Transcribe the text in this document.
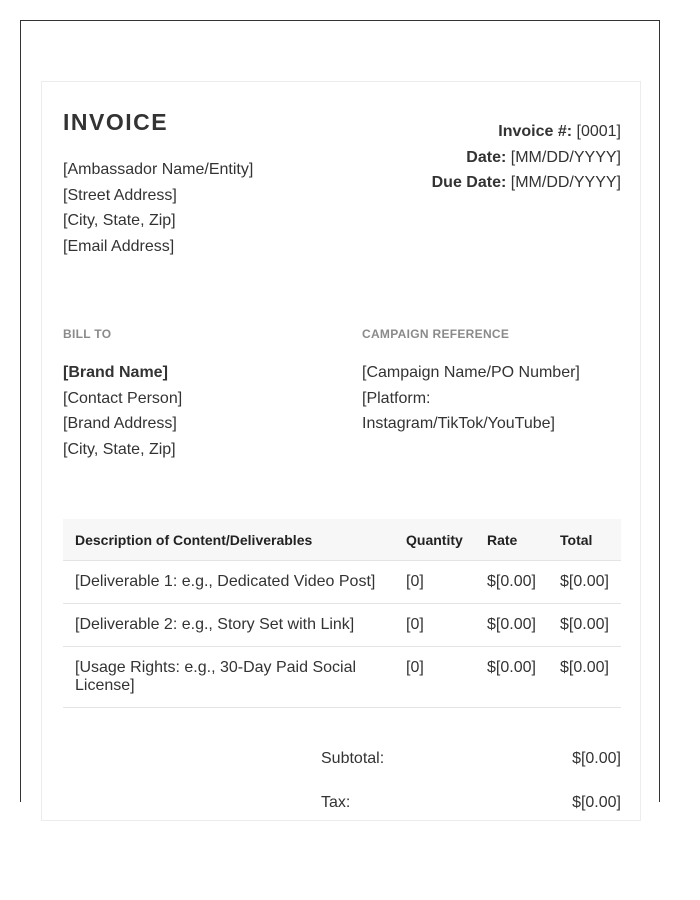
INVOICE
[Ambassador Name/Entity]
[Street Address]
[City, State, Zip]
[Email Address]
Invoice #: [0001]
Date: [MM/DD/YYYY]
Due Date: [MM/DD/YYYY]
BILL TO	CAMPAIGN REFERENCE
[Brand Name]
[Contact Person]
[Brand Address]
[City, State, Zip]
[Campaign Name/PO Number]
[Platform: Instagram/TikTok/YouTube]
Description of Content/Deliverables	Quantity	Rate	Total
[Deliverable 1: e.g., Dedicated Video Post]	[0]	$[0.00]	$[0.00]
[Deliverable 2: e.g., Story Set with Link]	[0]	$[0.00]	$[0.00]
[Usage Rights: e.g., 30-Day Paid Social License]	[0]	$[0.00]	$[0.00]
Subtotal:	$[0.00]
Tax:	$[0.00]
